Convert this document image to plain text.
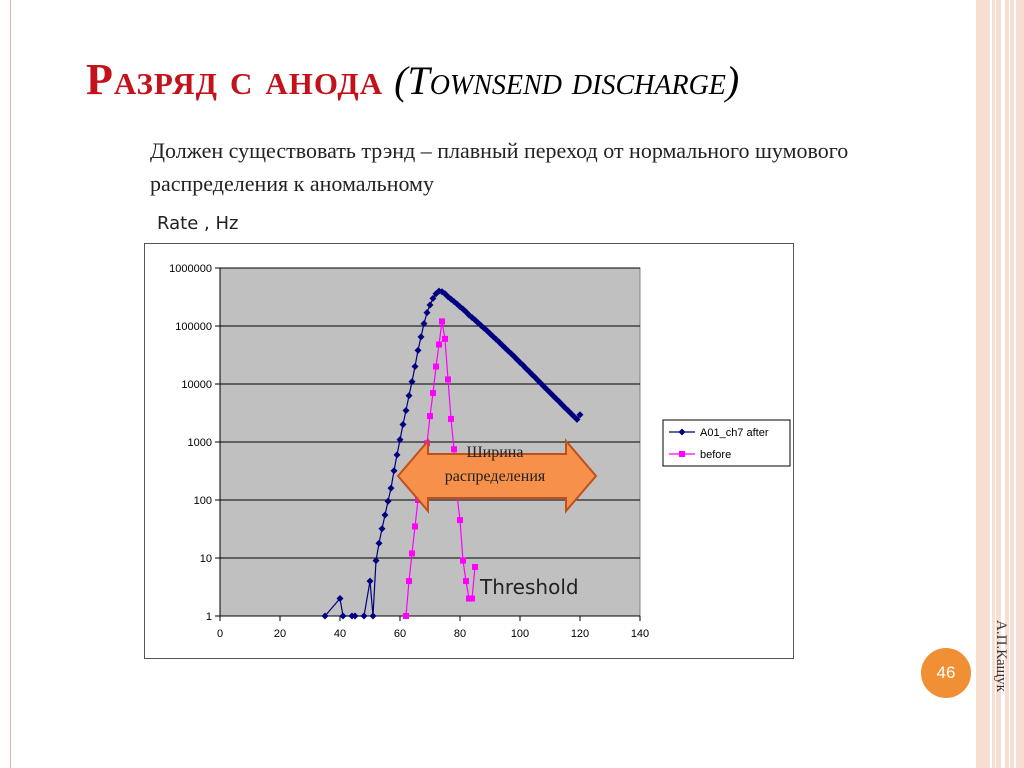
Разряд с анода (Townsend discharge)
Должен существовать трэнд – плавный переход от нормального шумового распределения к аномальному
Rate , Hz
1
10
100
1000
10000
100000
1000000
0	20	40	60	80	100	120	140
A01_ch7 after
before
Ширина распределения
Threshold
46	А.П.Кащук
